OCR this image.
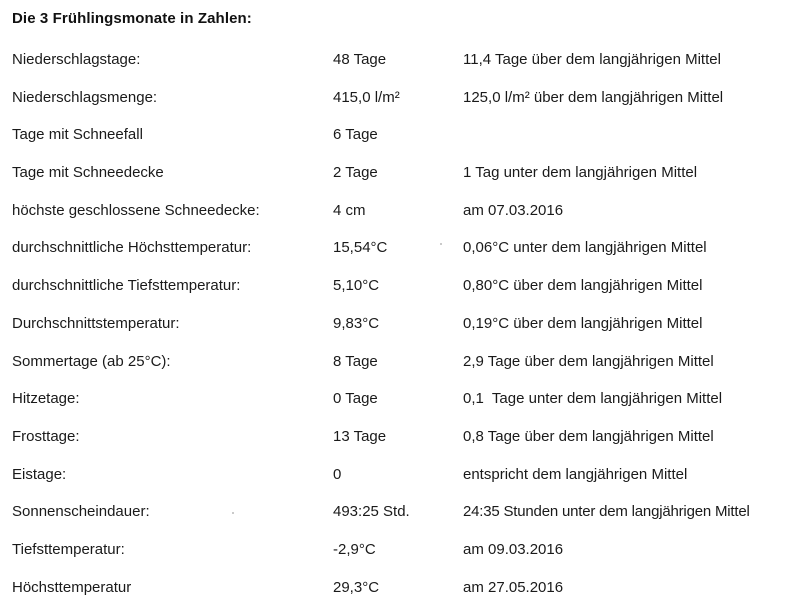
Die 3 Frühlingsmonate in Zahlen:
Niederschlagstage:	48 Tage	11,4 Tage über dem langjährigen Mittel
Niederschlagsmenge:	415,0 l/m²	125,0 l/m² über dem langjährigen Mittel
Tage mit Schneefall	6 Tage
Tage mit Schneedecke	2 Tage	1 Tag unter dem langjährigen Mittel
höchste geschlossene Schneedecke:	4 cm	am 07.03.2016
durchschnittliche Höchsttemperatur:	15,54°C	0,06°C unter dem langjährigen Mittel
durchschnittliche Tiefsttemperatur:	5,10°C	0,80°C über dem langjährigen Mittel
Durchschnittstemperatur:	9,83°C	0,19°C über dem langjährigen Mittel
Sommertage (ab 25°C):	8 Tage	2,9 Tage über dem langjährigen Mittel
Hitzetage:	0 Tage	0,1  Tage unter dem langjährigen Mittel
Frosttage:	13 Tage	0,8 Tage über dem langjährigen Mittel
Eistage:	0	entspricht dem langjährigen Mittel
Sonnenscheindauer:	493:25 Std.	24:35 Stunden unter dem langjährigen Mittel
Tiefsttemperatur:	-2,9°C	am 09.03.2016
Höchsttemperatur	29,3°C	am 27.05.2016
